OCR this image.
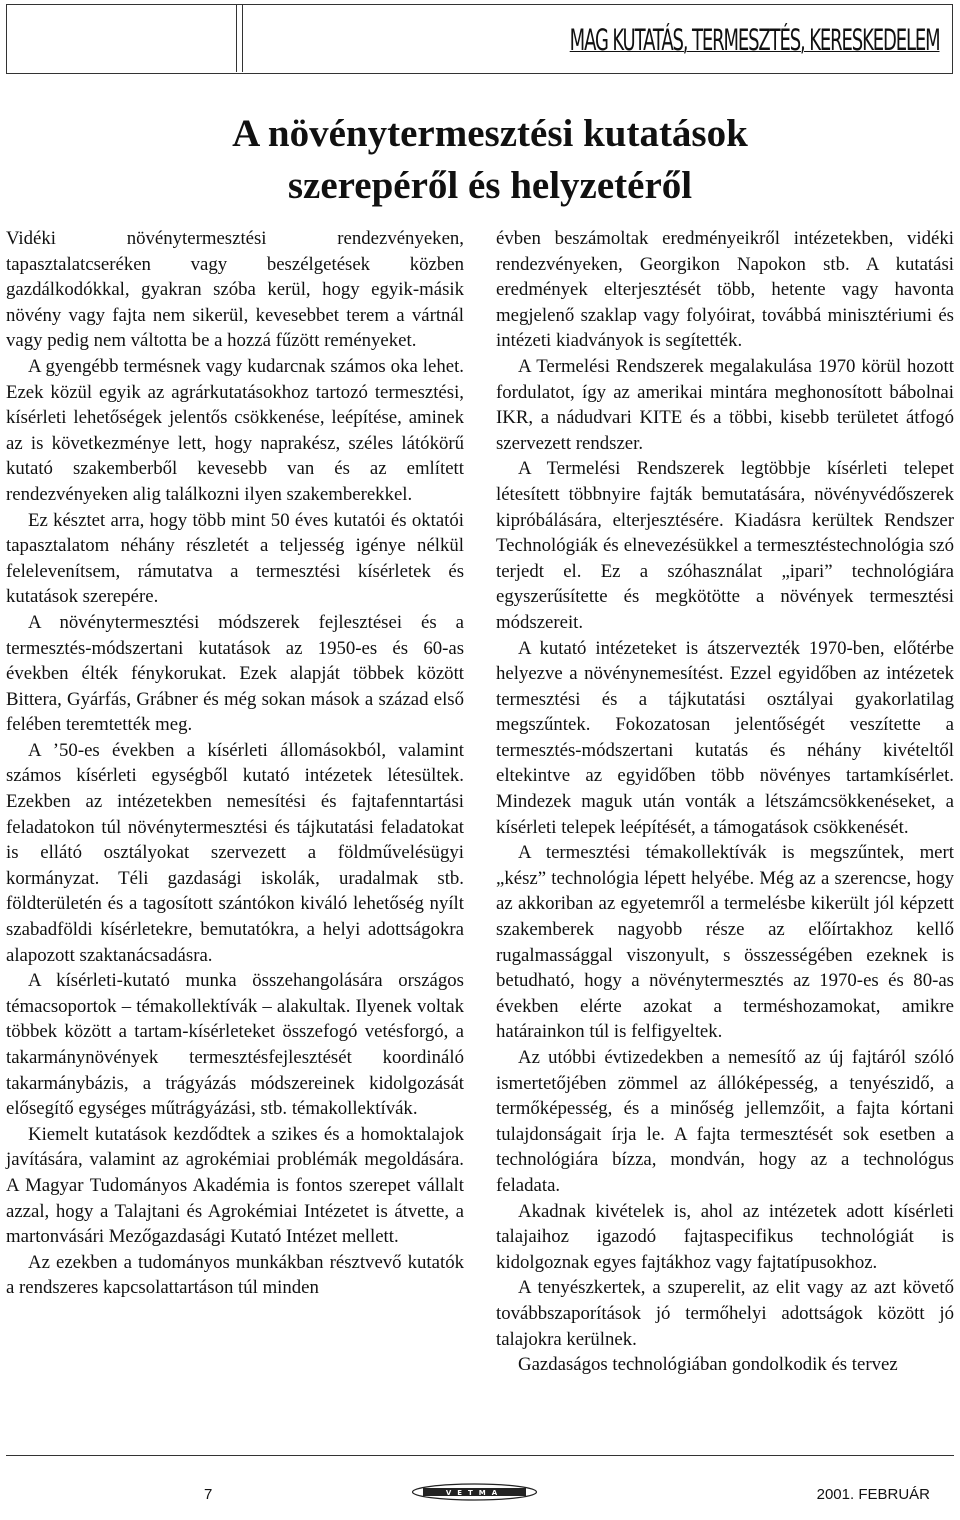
MAG KUTATÁS, TERMESZTÉS, KERESKEDELEM
A növénytermesztési kutatások
szerepéről és helyzetéről

Vidéki növénytermesztési rendezvényeken, tapasztalatcseréken vagy beszélgetések közben gazdálkodókkal, gyakran szóba kerül, hogy egyik-másik növény vagy fajta nem sikerül, kevesebbet terem a vártnál vagy pedig nem váltotta be a hozzá fűzött reményeket.

A gyengébb termésnek vagy kudarcnak számos oka lehet. Ezek közül egyik az agrárkutatásokhoz tartozó termesztési, kísérleti lehetőségek jelentős csökkenése, leépítése, aminek az is következménye lett, hogy naprakész, széles látókörű kutató szakemberből kevesebb van és az említett rendezvényeken alig találkozni ilyen szakemberekkel.

Ez késztet arra, hogy több mint 50 éves kutatói és oktatói tapasztalatom néhány részletét a teljesség igénye nélkül felelevenítsem, rámutatva a termesztési kísérletek és kutatások szerepére.

A növénytermesztési módszerek fejlesztései és a termesztés-módszertani kutatások az 1950-es és 60-as években élték fénykorukat. Ezek alapját többek között Bittera, Gyárfás, Grábner és még sokan mások a század első felében teremtették meg.

A ’50-es években a kísérleti állomásokból, valamint számos kísérleti egységből kutató intézetek létesültek. Ezekben az intézetekben nemesítési és fajtafenntartási feladatokon túl növénytermesztési és tájkutatási feladatokat is ellátó osztályokat szervezett a földművelésügyi kormányzat. Téli gazdasági iskolák, uradalmak stb. földterületén és a tagosított szántókon kiváló lehetőség nyílt szabadföldi kísérletekre, bemutatókra, a helyi adottságokra alapozott szaktanácsadásra.

A kísérleti-kutató munka összehangolására országos témacsoportok – témakollektívák – alakultak. Ilyenek voltak többek között a tartam-kísérleteket összefogó vetésforgó, a takarmánynövények termesztésfejlesztését koordináló takarmánybázis, a trágyázás módszereinek kidolgozását elősegítő egységes műtrágyázási, stb. témakollektívák.

Kiemelt kutatások kezdődtek a szikes és a homoktalajok javítására, valamint az agrokémiai problémák megoldására. A Magyar Tudományos Akadémia is fontos szerepet vállalt azzal, hogy a Talajtani és Agrokémiai Intézetet is átvette, a martonvásári Mezőgazdasági Kutató Intézet mellett.

Az ezekben a tudományos munkákban résztvevő kutatók a rendszeres kapcsolattartáson túl minden

évben beszámoltak eredményeikről intézetekben, vidéki rendezvényeken, Georgikon Napokon stb. A kutatási eredmények elterjesztését több, hetente vagy havonta megjelenő szaklap vagy folyóirat, továbbá minisztériumi és intézeti kiadványok is segítették.

A Termelési Rendszerek megalakulása 1970 körül hozott fordulatot, így az amerikai mintára meghonosított bábolnai IKR, a nádudvari KITE és a többi, kisebb területet átfogó szervezett rendszer.

A Termelési Rendszerek legtöbbje kísérleti telepet létesített többnyire fajták bemutatására, növényvédőszerek kipróbálására, elterjesztésére. Kiadásra kerültek Rendszer Technológiák és elnevezésükkel a termesztéstechnológia szó terjedt el. Ez a szóhasználat „ipari” technológiára egyszerűsítette és megkötötte a növények termesztési módszereit.

A kutató intézeteket is átszervezték 1970-ben, előtérbe helyezve a növénynemesítést. Ezzel egyidőben az intézetek termesztési és a tájkutatási osztályai gyakorlatilag megszűntek. Fokozatosan jelentőségét veszítette a termesztés-módszertani kutatás és néhány kivételtől eltekintve az egyidőben több növényes tartamkísérlet. Mindezek maguk után vonták a létszámcsökkenéseket, a kísérleti telepek leépítését, a támogatások csökkenését.

A termesztési témakollektívák is megszűntek, mert „kész” technológia lépett helyébe. Még az a szerencse, hogy az akkoriban az egyetemről a termelésbe kikerült jól képzett szakemberek nagyobb része az előírtakhoz kellő rugalmassággal viszonyult, s összességében ezeknek is betudható, hogy a növénytermesztés az 1970-es és 80-as években elérte azokat a terméshozamokat, amikre határainkon túl is felfigyeltek.

Az utóbbi évtizedekben a nemesítő az új fajtáról szóló ismertetőjében zömmel az állóképesség, a tenyészidő, a termőképesség, és a minőség jellemzőit, a fajta kórtani tulajdonságait írja le. A fajta termesztését sok esetben a technológiára bízza, mondván, hogy az a technológus feladata.

Akadnak kivételek is, ahol az intézetek adott kísérleti talajaihoz igazodó fajtaspecifikus technológiát is kidolgoznak egyes fajtákhoz vagy fajtatípusokhoz.

A tenyészkertek, a szuperelit, az elit vagy az azt követő továbbszaporítások jó termőhelyi adottságok között jó talajokra kerülnek.

Gazdaságos technológiában gondolkodik és tervez

7	VETMA	2001. FEBRUÁR
